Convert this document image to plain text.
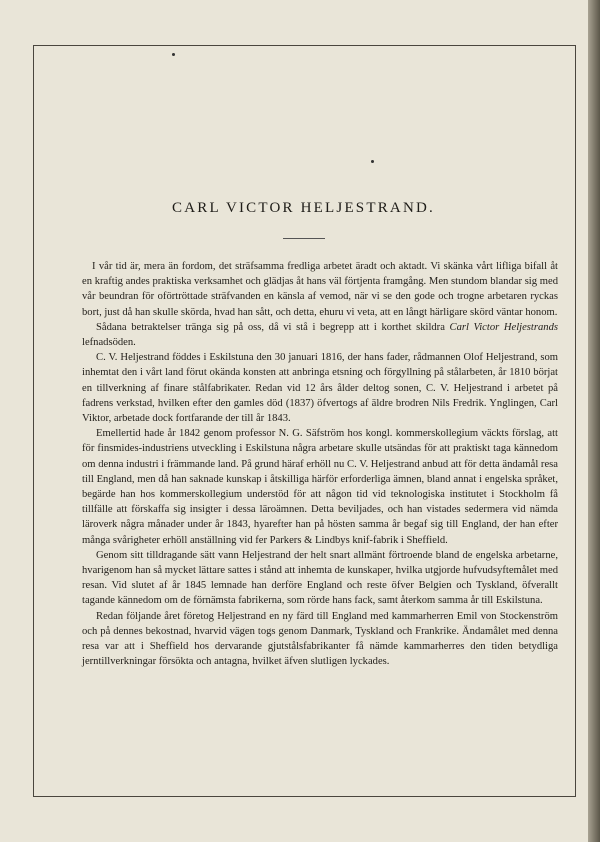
CARL VICTOR HELJESTRAND.

I vår tid är, mera än fordom, det sträfsamma fredliga arbetet äradt och aktadt. Vi skänka vårt lifliga bifall åt en kraftig andes praktiska verksamhet och glädjas åt hans väl förtjenta framgång. Men stundom blandar sig med vår beundran för oförtröttade sträfvanden en känsla af vemod, när vi se den gode och trogne arbetaren ryckas bort, just då han skulle skörda, hvad han sått, och detta, ehuru vi veta, att en långt härligare skörd väntar honom.

Sådana betraktelser tränga sig på oss, då vi stå i begrepp att i korthet skildra Carl Victor Heljestrands lefnadsöden.

C. V. Heljestrand föddes i Eskilstuna den 30 januari 1816, der hans fader, rådmannen Olof Heljestrand, som inhemtat den i vårt land förut okända konsten att anbringa etsning och förgyllning på stålarbeten, år 1810 börjat en tillverkning af finare stålfabrikater. Redan vid 12 års ålder deltog sonen, C. V. Heljestrand i arbetet på fadrens verkstad, hvilken efter den gamles död (1837) öfvertogs af äldre brodren Nils Fredrik. Ynglingen, Carl Viktor, arbetade dock fortfarande der till år 1843.

Emellertid hade år 1842 genom professor N. G. Säfström hos kongl. kommerskollegium väckts förslag, att för finsmides-industriens utveckling i Eskilstuna några arbetare skulle utsändas för att praktiskt taga kännedom om denna industri i främmande land. På grund häraf erhöll nu C. V. Heljestrand anbud att för detta ändamål resa till England, men då han saknade kunskap i åtskilliga härför erforderliga ämnen, bland annat i engelska språket, begärde han hos kommerskollegium understöd för att någon tid vid teknologiska institutet i Stockholm få tillfälle att förskaffa sig insigter i dessa läroämnen. Detta beviljades, och han vistades sedermera vid nämda läroverk några månader under år 1843, hyarefter han på hösten samma år begaf sig till England, der han efter många svårigheter erhöll anställning vid fer Parkers & Lindbys knif-fabrik i Sheffield.

Genom sitt tilldragande sätt vann Heljestrand der helt snart allmänt förtroende bland de engelska arbetarne, hvarigenom han så mycket lättare sattes i stånd att inhemta de kunskaper, hvilka utgjorde hufvudsyftemålet med resan. Vid slutet af år 1845 lemnade han derföre England och reste öfver Belgien och Tyskland, öfverallt tagande kännedom om de förnämsta fabrikerna, som rörde hans fack, samt återkom samma år till Eskilstuna.

Redan följande året företog Heljestrand en ny färd till England med kammarherren Emil von Stockenström och på dennes bekostnad, hvarvid vägen togs genom Danmark, Tyskland och Frankrike. Ändamålet med denna resa var att i Sheffield hos dervarande gjutstålsfabrikanter få nämde kammarherres den tiden betydliga jerntillverkningar försökta och antagna, hvilket äfven slutligen lyckades.
